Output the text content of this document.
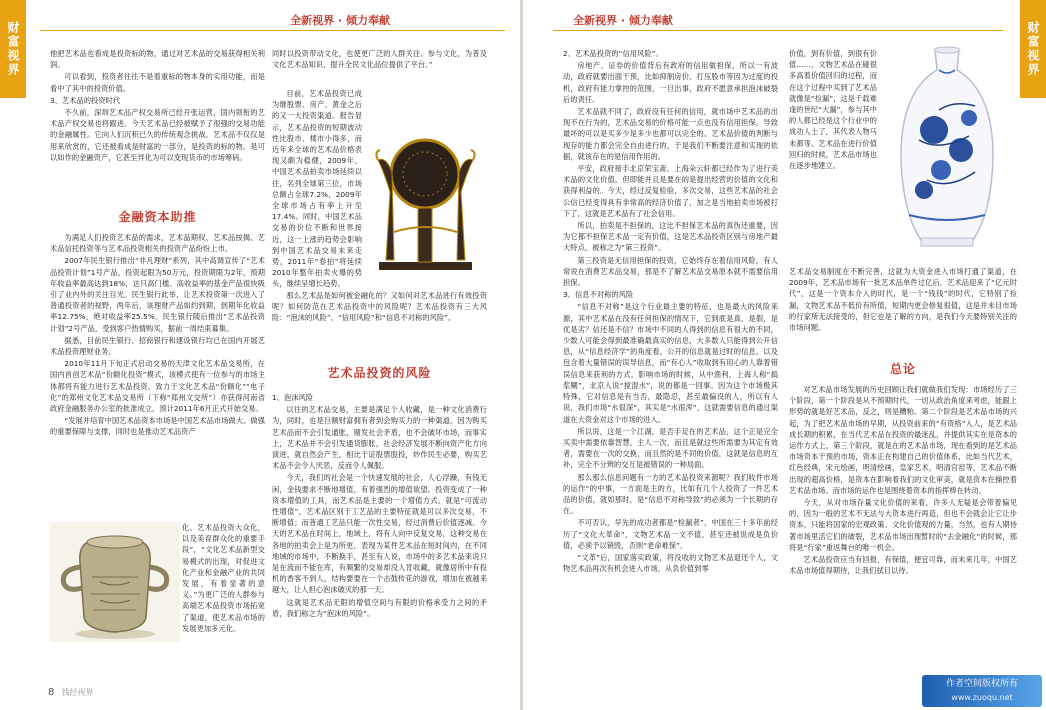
财富视界
全新视界 · 倾力奉献

他把艺术品也看成是投资标的物，通过对艺术品的交易获得相关利润。

可以看到，投资者往往不是着重标的物本身的实用功能，而是看中了其中的投资价值。

3、艺术品的投资时代

不久前，深圳艺术品产权交易所已经开张运营，国内领衔的艺术品产权交易也将跟进。今天艺术品已经被赋予了很强的交易功能的金融属性。它向人们沉积已久的传统观念挑战，艺术品不仅仅是用来欣赏的，它还被看成是财富的一部分，是投资的标的物。是可以如作的金融资产，它甚至异化为可以变现货币的市场筹码。

金融资本助推

为满足人们投资艺术品的需求，艺术品期权、艺术品按揭、艺术品信托投资等与艺术品投资相关的投资产品纷纷上市。

2007年民生银行推出“非凡理财”系列，其中高调宣传了“艺术品投资计划”1号产品，投资起限为50万元，投资期限为2年，预期年收益率最高达到18%，达只高门槛、高收益率的基金产品很快吸引了业内外的关注目光。民生银行此举，让艺术投资第一次进入了普通投资者的视野，两年后，该理财产品如约到期，到期年化收益率12.75%，绝对收益率25.5%。民生银行随后推出“艺术品投资计划”2号产品，受到客户热情购买，据前一周结束募集。

据悉，目前民生银行、招商银行和建设银行均已在国内开展艺术品投资理财业务。

2010年11月下旬正式启动交易的天津文化艺术品交易所，在国内首创艺术品“份额化投资”模式，该模式使有一位参与的市场主体都将有能力进行艺术品投资，致力于文化艺术品“份额化”“电子化”的郑州文化艺术品交易所（下称“郑州文交所”）亦获得河南省政府金融服务办公室的批准成立，预计2011年6月正式开始交易。

“发展并培育中国艺术品资本市场是中国艺术品市场做大、做强的重要保障与支撑，同时也是推动艺术品资产

化、艺术品投资大众化，以及美育群众化的重要手段”，“文化艺术品新型交易模式的出现，对促进文化产业和金融产业的共同发展，有着显著的意义。”为更广泛的人群参与高端艺术品投资市场拓宽了渠道，使艺术品市场的发展更加多元化。

同时以投资带动文化，也使更广泛的人群关注、参与文化，为普及文化艺术品知识、提升全民文化品位提供了平台。”

目前，艺术品投资已成为继股票、房产、黄金之后的又一大投资渠道。报告显示，艺术品投资的短期波动性比股市、楼市小得多，而近年来全球的艺术品价格表现又颇为稳健，2009年，中国艺术品拍卖市场延续以往，名列全球第三位，市场总额占全球7.2%，2009年全球市场占有率上升至17.4%。同时，中国艺术品交易的价位不断和世界接近，这一上涨的趋势会影响到中国艺术品交易未来走势，2011年“春拍”将延续2010年整年拍卖火爆的势头，继续呈增长趋势。

那么艺术品是如何被金融化的？又如何对艺术品进行有效投资呢？如何防范在艺术品投资中的风险呢？艺术品投资有三大风险：“泡沫的风险”、“信用风险”和“信息不对称的风险”。

艺术品投资的风险

1、泡沫风险

以往的艺术品交易，主要是满足个人收藏，是一种文化消费行为，同时，也是巨额财富拥有者到会购买力的一种渠道。因为购买艺术品而不会引发通胀，赌发社会矛盾，也不会破坏市场，而事实上，艺术品并不会引发通货膨胀，社会经济发展不断向资产化方向演进，就自然会产生，相比于证股票股投，炒作民生必要，购买艺术品不会令人厌恶，反而令人佩服。

今天，我们的社会是一个快速发展的社会，人心浮躁，有钱无闲，金钱要求不断地增值，有着强烈的增值欲望。投资变成了一种资本增值的工具，而艺术品是主要的一个增值方式。就是“可流动性增值”，艺术品区别于工艺品的主要特征就是可以多次交易，不断增值；而普通工艺品只能一次性交易，经过消费后价值逐减。今天的艺术品在时间上，地域上，将有人向中反复交易，这种交易在各地的拍卖会上是为所更，表现为某件艺术品在短时间内，在不同地域的市场中，不断换手，甚至有人说，市场中的多艺术品来说只是在流而不能在库，有频繁的交易却没人肯收藏，就像居所中有投机的香客不到人，结构要要在一个击鼓传花的游戏，增加在被越来越大，让人担心泡沫破灭的那一天。

这就是艺术品无限的增值空间与有限的价格承受力之间的矛盾，我们称之为“泡沫的风险”。

8 钱经视界
财富视界
全新视界 · 倾力奉献

2、艺术品投资的“信用风险”。

房地产、证券的价值背后有政府的信用做担保，所以一有波动，政府就要出面干预，比如抑制房价、打压股市等因为过度的投机，政府有能力掌控的范围，一旦出事，政府不愿意承担泡沫破裂后的责任。

艺术品就不同了，政府没有任何的信用，就市场中艺术品的出现不在行为的，艺术品交易的价格可能一点也没有信用担保，导致最坏的可以是买多少是多少也都可以完全的。艺术品价值的判断与现存的能力都会完全自由进行的，于是我们不断要注意和实现的依据，就该存在的是信用作用的。

平安，政府接手北京荣宝斋、上海朵云轩都已经作为了进行美术品的文化价值，但即能并且是要在的是提出经营的价值的文化和获得利益的。今天，经过反复检验，多次交易，这些艺术品的社会公信已经变得具有非常高的经济价值了，加之是当地拍卖市场被打下了，这就是艺术品有了社会信用。

所以，拍卖是不担保的，这比不担保艺术品的真伪还重要，因为它都不担保艺术品一定有价值，这是艺术品投资区别与房地产最大特点，被称之为“第三投资”。

第三投资是无信用担保的投资，它始终存在着信用风险，有人常说在消费艺术品交易，那是不了解艺术品交易原本就不需要信用担保。

3、信息不对称的风险

“信息不对称”是这个行业最主要的特征，也是最大的风险来源，其中艺术品在没有任何担保的情况下，它到底是真、是假，是优是劣？信还是不信？市场中不同的人得到的信息有很大的不同，少数人可能会得到最准确最真实的信息，大多数人只能得到公开信息，从“信息经济学”的角度看，公开的信息就是过时的信息，以及包含着大量错误的误导信息，而“有心人”收取到有用心的人靠着错误信息来获利的方式，影响市场的时候，从中渔利，上海人称“捣浆糊”，北京人说“搅混水”，说的都是一回事。因为这个市场极其特殊，它对信息是有当否，最隐忍，甚至最偏没的人，所以有人说，我们市场“水很深”，其实是“水很浑”，这就需要信息的通过渠道在大资金对这个市场的进入。

所以说，这是一个江湖，是否手足在的艺术品，这个正是完全买卖中需要依靠智慧，主人一次，而且是就这些所需要为其定有效者，需要在一次的交换，而且然的是不同的价值，这就是信息的互补，完全不分辨的交互是被错误的一种局面。

那么那么信息问题有一方的艺术品投资来源呢？我们收件市场的运作“的中事，一方面是主的方，比如有几个人投资了一件艺术品的价值，就如那时，是“信息不对称导致”的必须为一个长期的存在。

不可否认，早先的成功者都是“检漏者”，中国在三十多年前经历了“文化大革命”，文物艺术品一文不值，甚至还被说成是负价值，必须予以销毁，否则“老命难保”。

“文革”后，国家落实政策，将没收的文物艺术品退还个人，文物艺术品再次有机会进入市场，从负价值到零

价值，到有价值，到很有价值……，文物艺术品在碰很多高着价值回归的过程，而在这个过程中买到了艺术品就像是“捡漏”，这是千载难逢的世纪“大漏”，参与其中的人都已经是这个行业中的成功人士了，其代表人物马未都等。艺术品在进行价值回归的时候，艺术品市场也在逐步地建立。

艺术品交易制度在不断完善，这就为大资金进入市场打通了渠道，在2009年，艺术品市场有一批艺术品单件过亿后，艺术品迎来了“亿元时代”，这是一个资本介入的时代，是一个“钱钱”的时代，它特别了捡漏，文物艺术品不低价有所值，短期内更会修复很值，这是并未目市场的行家所无法接受的，但它也是了解的方向，是我们今天要特别关注的市场问题。

总论

对艺术品市场发展的历史回顾让我们就做我们发现：市场经历了三个阶段，第一个阶段是从不预期时代，一切从政治角度来考虑，能跟上形势的就是好艺术品，反之，则是糟粕。第二个阶段是艺术品市场的兴起，为了把艺术品市场的早期，从投资前来的“有资格”入人，是艺术品成长期的积累，在当代艺术品在投资的最迷乱，并提供其实在是资本的运作方式上，第三个阶段，就是在的艺术品市场，现在看到的是艺术品市场资本干预的市场，资本正在构建自己的价值体系，比如当代艺术，红色经典，宋元绘画，明清绘画，皇家艺术，明清官窑等，艺术品不断出现的超高价格，是资本在影响着我们的文化审美，就是资本在操控着艺术品市场。而市场的运作也是围绕着资本的指挥棒在转动。

今天，从对市场存量文化价值的来看，许多人无疑是会带着偏见的，因为一般的艺术不无法与大资本进行再造，但也不会就会让它让步资本，只能将国家的宏观政策、文化价值观的力量，当然，也有人期待著市场里活它们的破裂，艺术品市场出现暂时的“去金融化”的时候，那将是“行家”重返舞台的唯一机会。

艺术品投资应当有回报，有保值，便宜可靠，而未来几年，中国艺术品市场值得期待，让我们拭目以待。

作者空间版权所有
www.zuoqu.net
